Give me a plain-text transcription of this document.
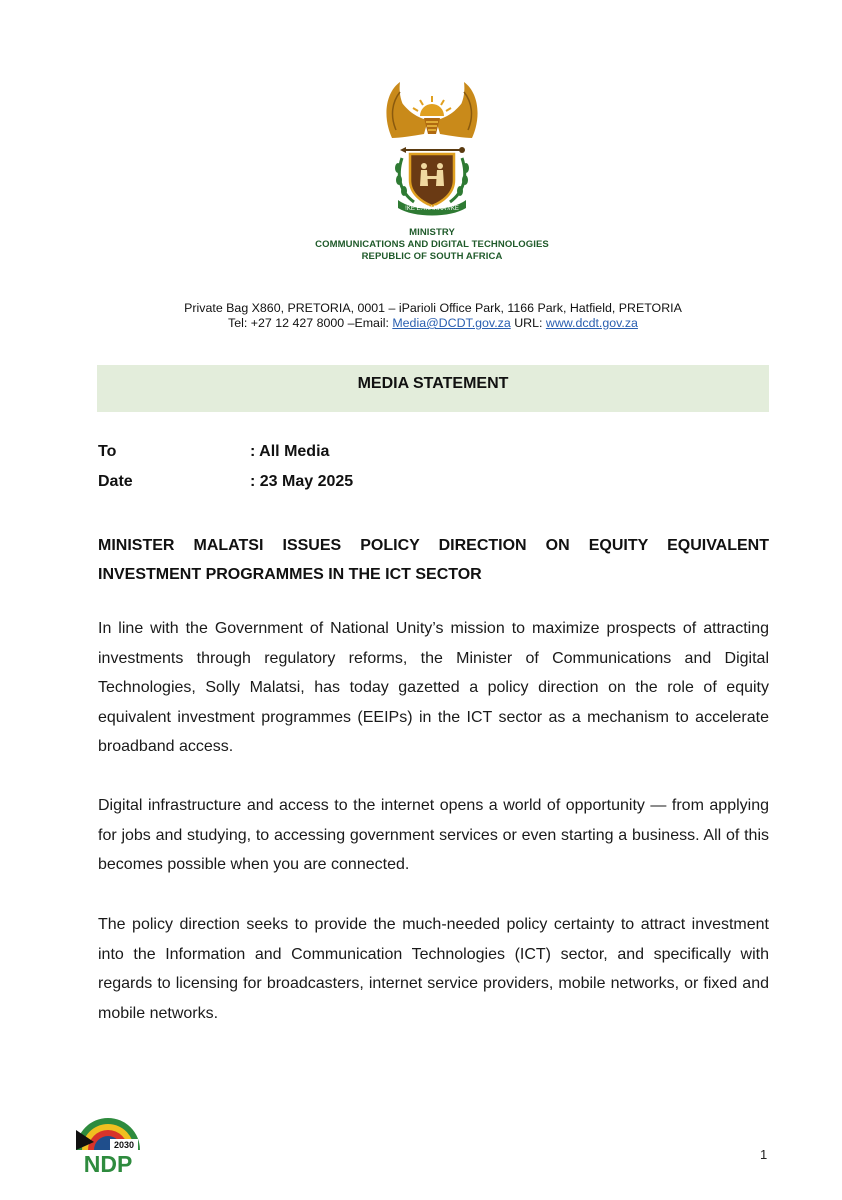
!KE E: /XARRA //KE
MINISTRY
COMMUNICATIONS AND DIGITAL TECHNOLOGIES
REPUBLIC OF SOUTH AFRICA
Private Bag X860, PRETORIA, 0001 – iParioli Office Park, 1166 Park, Hatfield, PRETORIA
Tel: +27 12 427 8000 –Email: Media@DCDT.gov.za URL: www.dcdt.gov.za
MEDIA STATEMENT
To	: All Media
Date	: 23 May 2025
MINISTER MALATSI ISSUES POLICY DIRECTION ON EQUITY EQUIVALENT INVESTMENT PROGRAMMES IN THE ICT SECTOR
In line with the Government of National Unity’s mission to maximize prospects of attracting investments through regulatory reforms, the Minister of Communications and Digital Technologies, Solly Malatsi, has today gazetted a policy direction on the role of equity equivalent investment programmes (EEIPs) in the ICT sector as a mechanism to accelerate broadband access.
Digital infrastructure and access to the internet opens a world of opportunity — from applying for jobs and studying, to accessing government services or even starting a business. All of this becomes possible when you are connected.
The policy direction seeks to provide the much-needed policy certainty to attract investment into the Information and Communication Technologies (ICT) sector, and specifically with regards to licensing for broadcasters, internet service providers, mobile networks, or fixed and mobile networks.
2030
NDP	1
